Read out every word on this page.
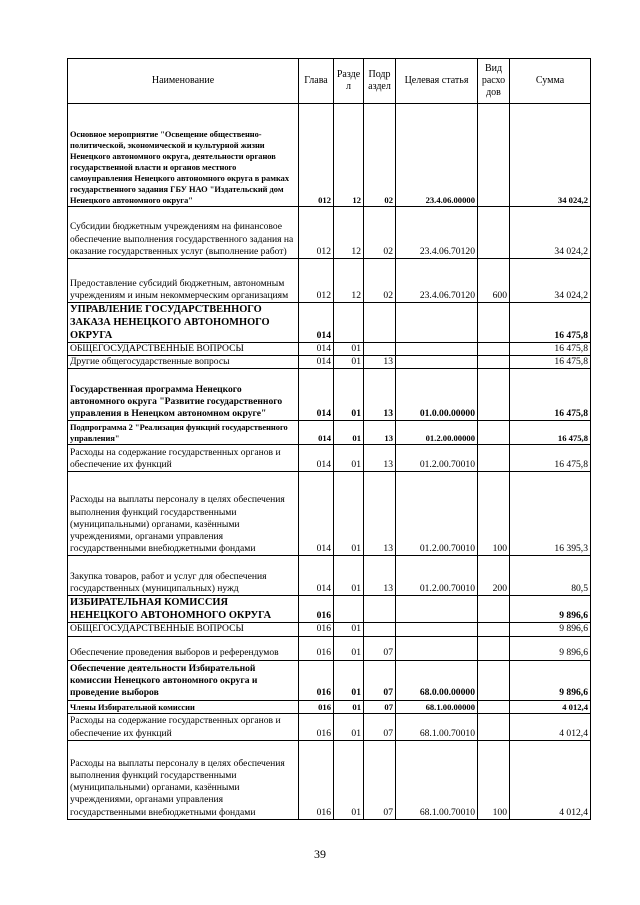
Наименование	Глава	Разде л	Подр аздел	Целевая статья	Вид расхо дов	Сумма
Основное мероприятие "Освещение общественно-политической, экономической и культурной жизни Ненецкого автономного округа, деятельности органов государственной власти и органов местного самоуправления Ненецкого автономного округа в рамках государственного задания ГБУ НАО "Издательский дом Ненецкого автономного округа"	012	12	02	23.4.06.00000		34 024,2
Субсидии бюджетным учреждениям на финансовое обеспечение выполнения государственного задания на оказание государственных услуг (выполнение работ)	012	12	02	23.4.06.70120		34 024,2
Предоставление субсидий бюджетным, автономным учреждениям и иным некоммерческим организациям	012	12	02	23.4.06.70120	600	34 024,2
УПРАВЛЕНИЕ ГОСУДАРСТВЕННОГО ЗАКАЗА НЕНЕЦКОГО АВТОНОМНОГО ОКРУГА	014					16 475,8
ОБЩЕГОСУДАРСТВЕННЫЕ ВОПРОСЫ	014	01				16 475,8
Другие общегосударственные вопросы	014	01	13			16 475,8
Государственная программа Ненецкого автономного округа "Развитие государственного управления в Ненецком автономном округе"	014	01	13	01.0.00.00000		16 475,8
Подпрограмма 2 "Реализация функций государственного управления"	014	01	13	01.2.00.00000		16 475,8
Расходы на содержание государственных органов и обеспечение их функций	014	01	13	01.2.00.70010		16 475,8
Расходы на выплаты персоналу в целях обеспечения выполнения функций государственными (муниципальными) органами, казёнными учреждениями, органами управления государственными внебюджетными фондами	014	01	13	01.2.00.70010	100	16 395,3
Закупка товаров, работ и услуг для обеспечения государственных (муниципальных) нужд	014	01	13	01.2.00.70010	200	80,5
ИЗБИРАТЕЛЬНАЯ КОМИССИЯ НЕНЕЦКОГО АВТОНОМНОГО ОКРУГА	016					9 896,6
ОБЩЕГОСУДАРСТВЕННЫЕ ВОПРОСЫ	016	01				9 896,6
Обеспечение проведения выборов и референдумов	016	01	07			9 896,6
Обеспечение деятельности Избирательной комиссии Ненецкого автономного округа и проведение выборов	016	01	07	68.0.00.00000		9 896,6
Члены Избирательной комиссии	016	01	07	68.1.00.00000		4 012,4
Расходы на содержание государственных органов и обеспечение их функций	016	01	07	68.1.00.70010		4 012,4
Расходы на выплаты персоналу в целях обеспечения выполнения функций государственными (муниципальными) органами, казёнными учреждениями, органами управления государственными внебюджетными фондами	016	01	07	68.1.00.70010	100	4 012,4
39
